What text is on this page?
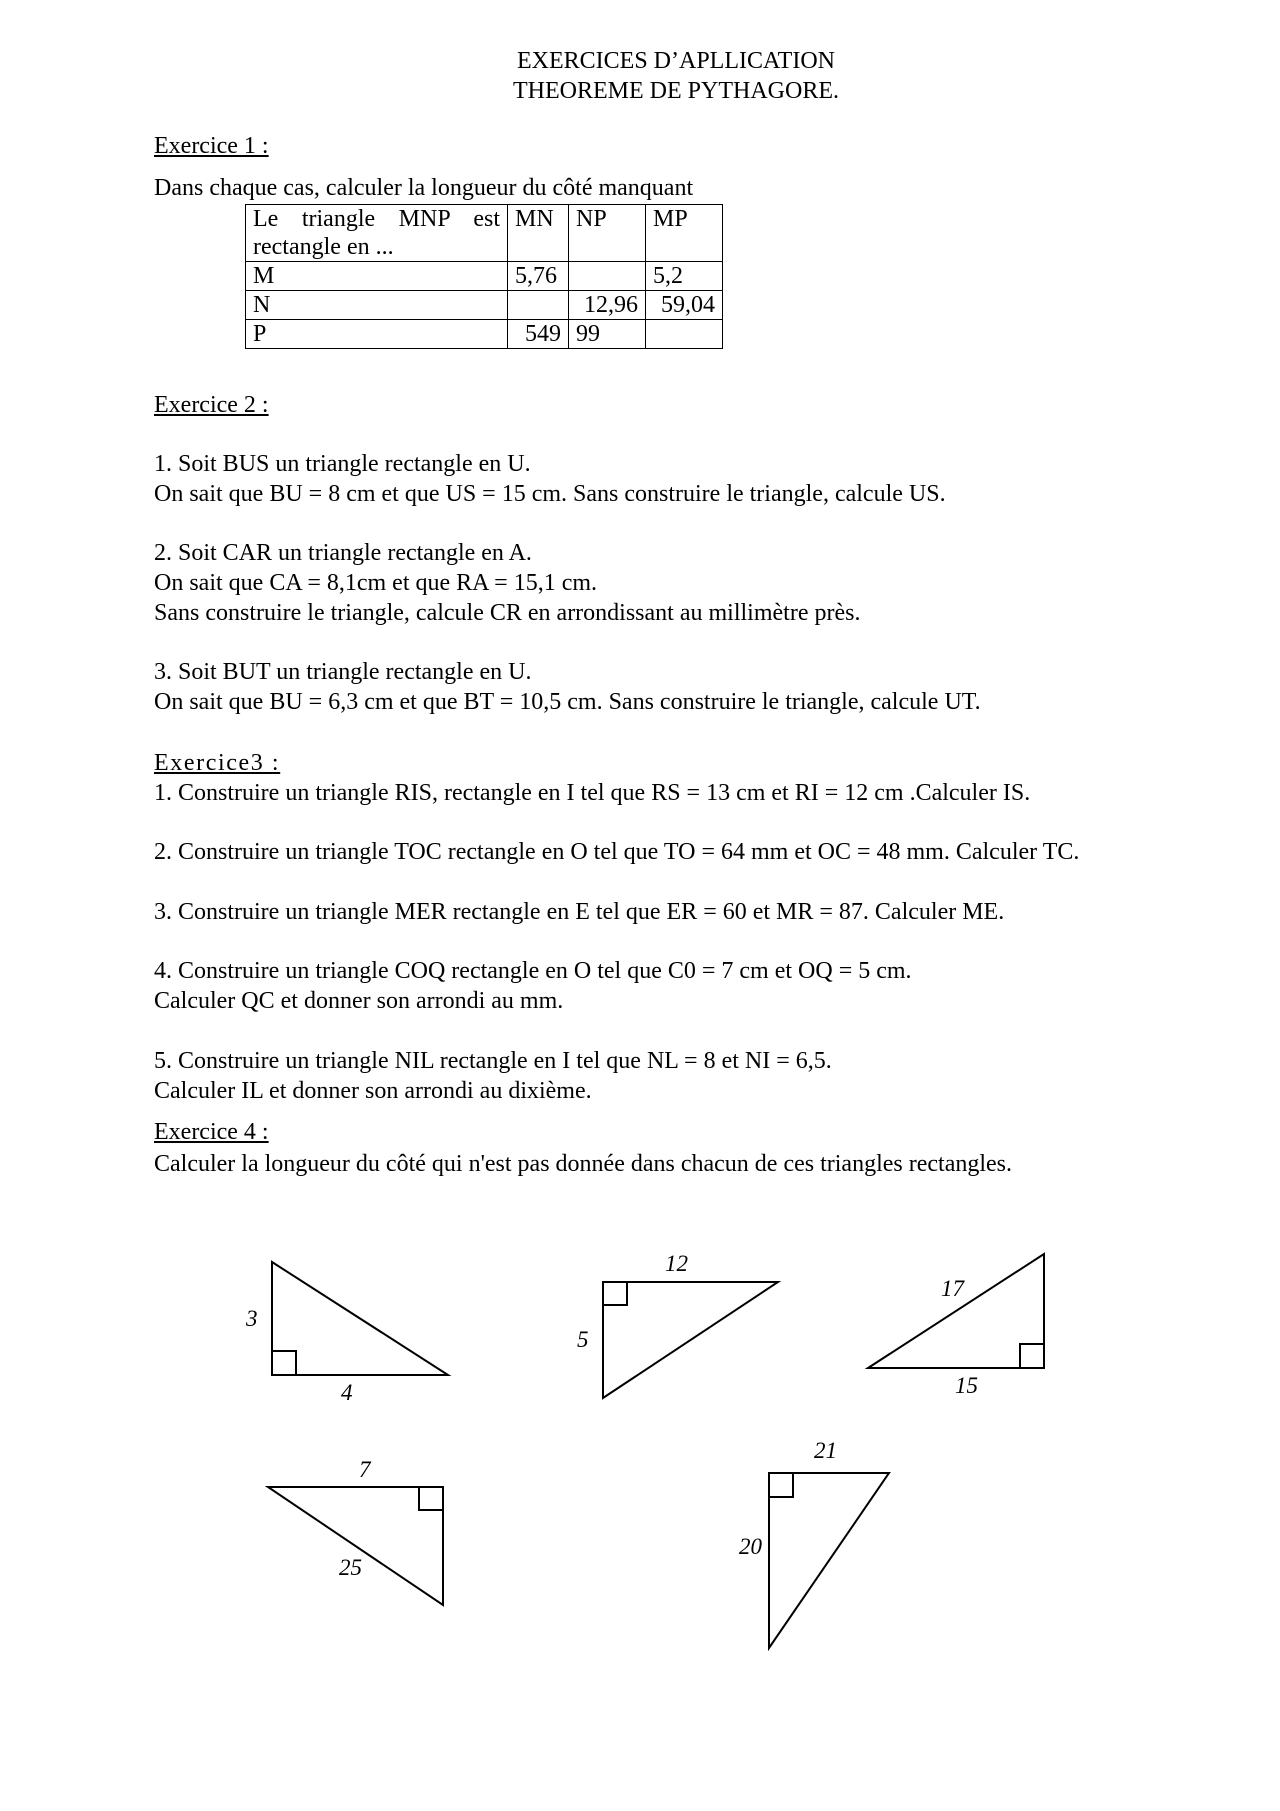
EXERCICES D’APLLICATION
THEOREME DE PYTHAGORE.
Exercice 1 :
Dans chaque cas, calculer la longueur du côté manquant
Le triangle MNP est rectangle en ...	MN	NP	MP
M	5,76		5,2
N		12,96	59,04
P	549	99	
Exercice 2 :
1. Soit BUS un triangle rectangle en U.
On sait que BU = 8 cm et que US = 15 cm. Sans construire le triangle, calcule US.
2. Soit CAR un triangle rectangle en A.
On sait que CA = 8,1cm et que RA = 15,1 cm.
Sans construire le triangle, calcule CR en arrondissant au millimètre près.
3. Soit BUT un triangle rectangle en U.
On sait que BU = 6,3 cm et que BT = 10,5 cm. Sans construire le triangle, calcule UT.
Exercice3 :
1. Construire un triangle RIS, rectangle en I tel que RS = 13 cm et RI = 12 cm .Calculer IS.
2. Construire un triangle TOC rectangle en O tel que TO = 64 mm et OC = 48 mm. Calculer TC.
3. Construire un triangle MER rectangle en E tel que ER = 60 et MR = 87. Calculer ME.
4. Construire un triangle COQ rectangle en O tel que C0 = 7 cm et OQ = 5 cm.
Calculer QC et donner son arrondi au mm.
5. Construire un triangle NIL rectangle en I tel que NL = 8 et NI = 6,5.
Calculer IL et donner son arrondi au dixième.
Exercice 4 :
Calculer la longueur du côté qui n'est pas donnée dans chacun de ces triangles rectangles.
3
4
12
5
17
15
7
25
21
20
